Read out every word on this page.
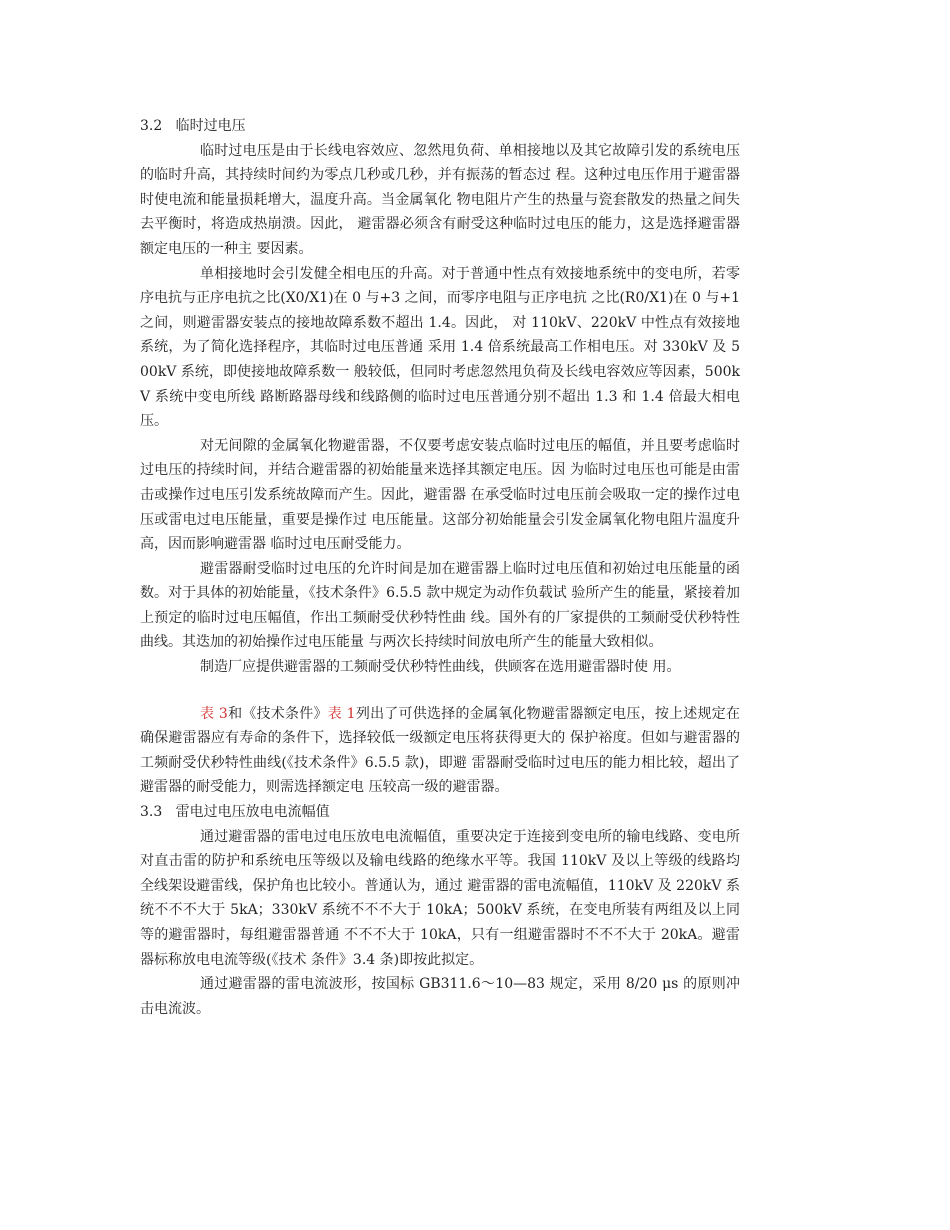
3.2   临时过电压

临时过电压是由于长线电容效应、忽然甩负荷、单相接地以及其它故障引发的系统电压的临时升高，其持续时间约为零点几秒或几秒，并有振荡的暂态过 程。这种过电压作用于避雷器时使电流和能量损耗增大，温度升高。当金属氧化 物电阻片产生的热量与瓷套散发的热量之间失去平衡时，将造成热崩溃。因此， 避雷器必须含有耐受这种临时过电压的能力，这是选择避雷器额定电压的一种主 要因素。

单相接地时会引发健全相电压的升高。对于普通中性点有效接地系统中的变电所，若零序电抗与正序电抗之比(X0/X1)在 0 与+3 之间，而零序电阻与正序电抗 之比(R0/X1)在 0 与+1 之间，则避雷器安装点的接地故障系数不超出 1.4。因此， 对 110kV、220kV 中性点有效接地系统，为了简化选择程序，其临时过电压普通 采用 1.4 倍系统最高工作相电压。对 330kV 及 500kV 系统，即使接地故障系数一 般较低，但同时考虑忽然甩负荷及长线电容效应等因素，500kV 系统中变电所线 路断路器母线和线路侧的临时过电压普通分别不超出 1.3 和 1.4 倍最大相电压。

对无间隙的金属氧化物避雷器，不仅要考虑安装点临时过电压的幅值，并且要考虑临时过电压的持续时间，并结合避雷器的初始能量来选择其额定电压。因 为临时过电压也可能是由雷击或操作过电压引发系统故障而产生。因此，避雷器 在承受临时过电压前会吸取一定的操作过电压或雷电过电压能量，重要是操作过 电压能量。这部分初始能量会引发金属氧化物电阻片温度升高，因而影响避雷器 临时过电压耐受能力。

避雷器耐受临时过电压的允许时间是加在避雷器上临时过电压值和初始过电压能量的函数。对于具体的初始能量，《技术条件》6.5.5 款中规定为动作负载试 验所产生的能量，紧接着加上预定的临时过电压幅值，作出工频耐受伏秒特性曲 线。国外有的厂家提供的工频耐受伏秒特性曲线。其迭加的初始操作过电压能量 与两次长持续时间放电所产生的能量大致相似。

制造厂应提供避雷器的工频耐受伏秒特性曲线，供顾客在选用避雷器时使 用。

表 3和《技术条件》表 1列出了可供选择的金属氧化物避雷器额定电压，按上述规定在确保避雷器应有寿命的条件下，选择较低一级额定电压将获得更大的 保护裕度。但如与避雷器的工频耐受伏秒特性曲线(《技术条件》6.5.5 款)，即避 雷器耐受临时过电压的能力相比较，超出了避雷器的耐受能力，则需选择额定电 压较高一级的避雷器。

3.3   雷电过电压放电电流幅值

通过避雷器的雷电过电压放电电流幅值，重要决定于连接到变电所的输电线路、变电所对直击雷的防护和系统电压等级以及输电线路的绝缘水平等。我国 110kV 及以上等级的线路均全线架设避雷线，保护角也比较小。普通认为，通过 避雷器的雷电流幅值，110kV 及 220kV 系统不不不大于 5kA；330kV 系统不不不大于 10kA；500kV 系统，在变电所装有两组及以上同等的避雷器时，每组避雷器普通 不不不大于 10kA，只有一组避雷器时不不不大于 20kA。避雷器标称放电电流等级(《技术 条件》3.4 条)即按此拟定。

通过避雷器的雷电流波形，按国标 GB311.6～10—83 规定，采用 8/20 μs 的原则冲击电流波。
